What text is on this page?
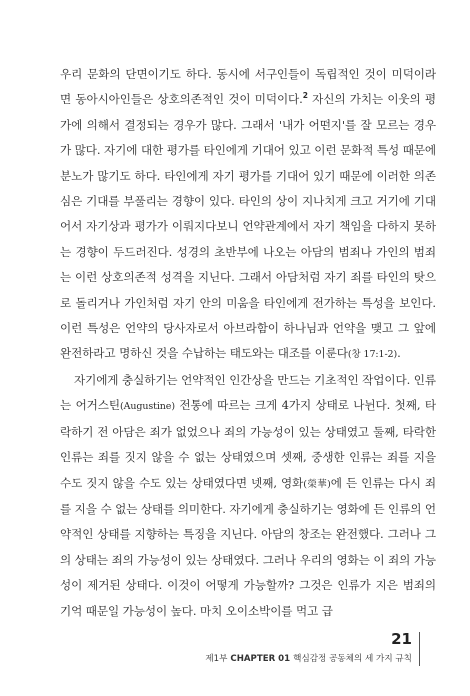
우리 문화의 단면이기도 하다. 동시에 서구인들이 독립적인 것이 미덕이라면 동아시아인들은 상호의존적인 것이 미덕이다.$^2$ 자신의 가치는 이웃의 평가에 의해서 결정되는 경우가 많다. 그래서 '내가 어떤지'를 잘 모르는 경우가 많다. 자기에 대한 평가를 타인에게 기대어 있고 이런 문화적 특성 때문에 분노가 많기도 하다. 타인에게 자기 평가를 기대어 있기 때문에 이러한 의존심은 기대를 부풀리는 경향이 있다. 타인의 상이 지나치게 크고 거기에 기대어서 자기상과 평가가 이뤄지다보니 언약관계에서 자기 책임을 다하지 못하는 경향이 두드러진다. 성경의 초반부에 나오는 아담의 범죄나 가인의 범죄는 이런 상호의존적 성격을 지닌다. 그래서 아담처럼 자기 죄를 타인의 탓으로 돌리거나 가인처럼 자기 안의 미움을 타인에게 전가하는 특성을 보인다. 이런 특성은 언약의 당사자로서 아브라함이 하나님과 언약을 맺고 그 앞에 완전하라고 명하신 것을 수납하는 태도와는 대조를 이룬다(창 17:1-2).

자기에게 충실하기는 언약적인 인간상을 만드는 기초적인 작업이다. 인류는 어거스틴(Augustine) 전통에 따르는 크게 4가지 상태로 나뉜다. 첫째, 타락하기 전 아담은 죄가 없었으나 죄의 가능성이 있는 상태였고 둘째, 타락한 인류는 죄를 짓지 않을 수 없는 상태였으며 셋째, 중생한 인류는 죄를 지을 수도 짓지 않을 수도 있는 상태였다면 넷째, 영화(榮華)에 든 인류는 다시 죄를 지을 수 없는 상태를 의미한다. 자기에게 충실하기는 영화에 든 인류의 언약적인 상태를 지향하는 특징을 지닌다. 아담의 창조는 완전했다. 그러나 그의 상태는 죄의 가능성이 있는 상태였다. 그러나 우리의 영화는 이 죄의 가능성이 제거된 상태다. 이것이 어떻게 가능할까? 그것은 인류가 지은 범죄의 기억 때문일 가능성이 높다. 마치 오이소박이를 먹고 급

21
제1부 CHAPTER 01 핵심감정 공동체의 세 가지 규칙
